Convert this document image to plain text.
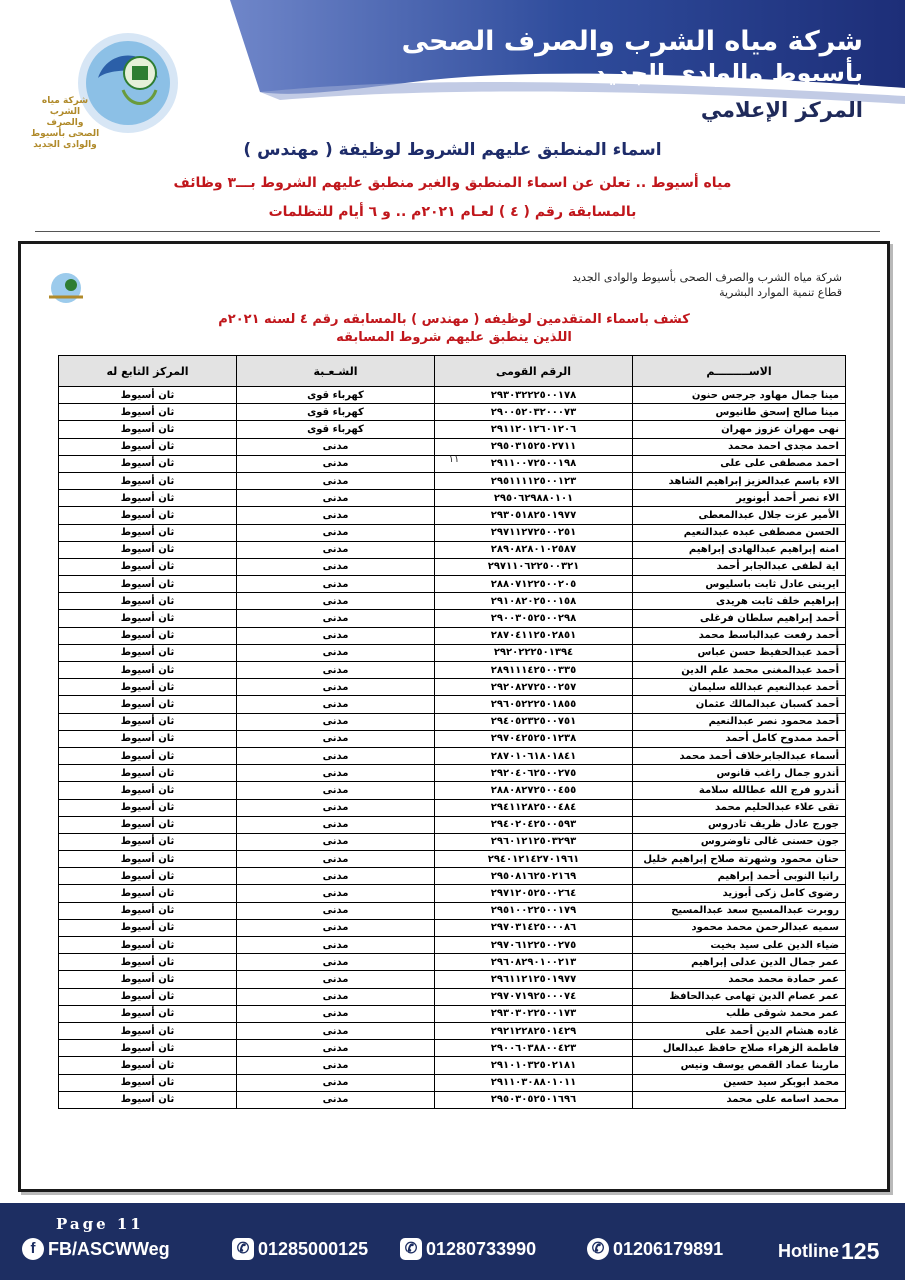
شركة مياه الشرب والصرف الصحى بأسيوط والوادى الجديد
شركة مياه الشرب والصرف الصحى
بأسيوط والوادى الجديد
المركز الإعلامي
اسماء المنطبق عليهم الشروط لوظيفة ( مهندس )
مياه أسيوط .. تعلن عن اسماء المنطبق والغير منطبق عليهم الشروط بـــ٣ وظائف
بالمسابقة رقم ( ٤ ) لعـام ٢٠٢١م .. و ٦ أيام للتظلمات
شركة مياه الشرب والصرف الصحى بأسيوط والوادى الجديد
قطاع تنمية الموارد البشرية
كشف باسماء المتقدمين لوظيفه ( مهندس ) بالمسابقه رقم ٤ لسنه ٢٠٢١م
اللذين ينطبق عليهم شروط المسابقه
الاســـــــــم	الرقم القومى	الشـعـبة	المركز التابع له
مينا جمال مهاود جرجس حنون	٢٩٣٠٣٢٢٢٥٠٠١٧٨	كهرباء قوى	ثان أسيوط
مينا صالح إسحق طانيوس	٢٩٠٠٥٢٠٣٢٠٠٠٧٣	كهرباء قوى	ثان أسيوط
نهى مهران عزوز مهران	٢٩١١٢٠١٢٦٠١٢٠٦	كهرباء قوى	ثان أسيوط
احمد مجدى احمد محمد	٢٩٥٠٣١٥٢٥٠٢٧١١	مدنى	ثان أسيوط
احمد مصطفى على على	٢٩١١٠٠٧٢٥٠٠١٩٨	مدنى	ثان أسيوط
الاء باسم عبدالعزيز إبراهيم الشاهد	٢٩٥١١١١٢٥٠٠١٢٣	مدنى	ثان أسيوط
الاء نصر أحمد أبونوير	٢٩٥٠٦٢٩٨٨٠١٠١	مدنى	ثان أسيوط
الأمير عزت جلال عبدالمعطى	٢٩٣٠٥١٨٢٥٠١٩٧٧	مدنى	ثان أسيوط
الحسن مصطفى عبده عبدالنعيم	٢٩٧١١٢٧٢٥٠٠٢٥١	مدنى	ثان أسيوط
امنه إبراهيم عبدالهادى إبراهيم	٢٨٩٠٨٢٨٠١٠٢٥٨٧	مدنى	ثان أسيوط
اية لطفى عبدالجابر أحمد	٢٩٧١١٠٦٢٢٥٠٠٣٢١	مدنى	ثان أسيوط
ايرينى عادل ثابت باسليوس	٢٨٨٠٧١٢٢٥٠٠٢٠٥	مدنى	ثان أسيوط
إبراهيم خلف ثابت هريدى	٢٩١٠٨٢٠٢٥٠٠١٥٨	مدنى	ثان أسيوط
أحمد إبراهيم سلطان فرغلى	٢٩٠٠٣٠٥٢٥٠٠٢٩٨	مدنى	ثان أسيوط
أحمد رفعت عبدالباسط محمد	٢٨٧٠٤١١٢٥٠٢٨٥١	مدنى	ثان أسيوط
أحمد عبدالحفيظ حسن عباس	٢٩٢٠٢٢٢٥٠١٣٩٤	مدنى	ثان أسيوط
أحمد عبدالمغنى محمد علم الدين	٢٨٩١١١٤٢٥٠٠٣٣٥	مدنى	ثان أسيوط
أحمد عبدالنعيم عبدالله سليمان	٢٩٢٠٨٢٧٢٥٠٠٢٥٧	مدنى	ثان أسيوط
أحمد كسبان عبدالمالك عثمان	٢٩٦٠٥٢٢٢٥٠١٨٥٥	مدنى	ثان أسيوط
أحمد محمود نصر عبدالنعيم	٢٩٤٠٥٢٣٢٥٠٠٧٥١	مدنى	ثان أسيوط
أحمد ممدوح كامل أحمد	٢٩٧٠٤٢٥٢٥٠١٢٣٨	مدنى	ثان أسيوط
أسماء عبدالجابرخلاف أحمد محمد	٢٨٧٠١٠٦١٨٠١٨٤١	مدنى	ثان أسيوط
أندرو جمال راغب قانوس	٢٩٢٠٤٠٦٢٥٠٠٢٧٥	مدنى	ثان أسيوط
أندرو فرج الله عطالله سلامة	٢٨٨٠٨٢٧٢٥٠٠٤٥٥	مدنى	ثان أسيوط
تقى علاء عبدالحليم محمد	٢٩٤١١٢٨٢٥٠٠٤٨٤	مدنى	ثان أسيوط
جورج عادل ظريف تادروس	٢٩٤٠٢٠٤٢٥٠٠٥٩٣	مدنى	ثان أسيوط
جون حسنى غالى تاوضروس	٢٩٦٠١٢١٢٥٠٣٢٩٣	مدنى	ثان أسيوط
حنان محمود وشهرتة صلاح إبراهيم خليل	٢٩٤٠١٢١٤٢٧٠١٩٦١	مدنى	ثان أسيوط
رانيا النوبى أحمد إبراهيم	٢٩٥٠٨١٦٢٥٠٢١٦٩	مدنى	ثان أسيوط
رضوى كامل زكى أبوزيد	٢٩٧١٢٠٥٢٥٠٠٢٦٤	مدنى	ثان أسيوط
روبرت عبدالمسيح سعد عبدالمسيح	٢٩٥١٠٠٢٢٥٠٠١٧٩	مدنى	ثان أسيوط
سميه عبدالرحمن محمد محمود	٢٩٧٠٣١٤٢٥٠٠٠٨٦	مدنى	ثان أسيوط
ضياء الدين على سيد بخيت	٢٩٧٠٦١٢٢٥٠٠٢٧٥	مدنى	ثان أسيوط
عمر جمال الدين عدلى إبراهيم	٢٩٦٠٨٢٩٠١٠٠٢١٣	مدنى	ثان أسيوط
عمر حمادة محمد محمد	٢٩٦١١٢١٢٥٠١٩٧٧	مدنى	ثان أسيوط
عمر عصام الدين تهامى عبدالحافظ	٢٩٧٠٧١٩٢٥٠٠٠٧٤	مدنى	ثان أسيوط
عمر محمد شوقى طلب	٢٩٣٠٣٠٢٢٥٠٠١٧٣	مدنى	ثان أسيوط
غاده هشام الدين أحمد على	٢٩٢١٢٢٨٢٥٠١٤٢٩	مدنى	ثان أسيوط
فاطمة الزهراء صلاح حافظ عبدالعال	٢٩٠٠٦٠٣٨٨٠٠٤٢٣	مدنى	ثان أسيوط
مارينا عماد القمص يوسف ونيس	٢٩١٠١٠٣٢٥٠٢١٨١	مدنى	ثان أسيوط
محمد ابوبكر سيد حسين	٢٩١١٠٣٠٨٨٠١٠١١	مدنى	ثان أسيوط
محمد اسامه على محمد	٢٩٥٠٣٠٥٢٥٠١٦٩٦	مدنى	ثان أسيوط
١١
Page 11
f FB/ASCWWeg	✆ 01285000125	✆ 01280733990	✆ 01206179891	Hotline 125
